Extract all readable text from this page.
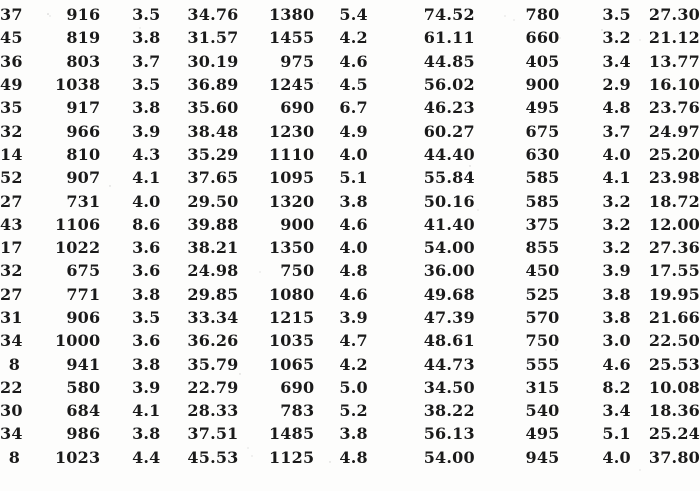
37	916	3.5	34.76	1380	5.4	74.52	780	3.5	27.30
45	819	3.8	31.57	1455	4.2	61.11	660	3.2	21.12
36	803	3.7	30.19	975	4.6	44.85	405	3.4	13.77
49	1038	3.5	36.89	1245	4.5	56.02	900	2.9	16.10
35	917	3.8	35.60	690	6.7	46.23	495	4.8	23.76
32	966	3.9	38.48	1230	4.9	60.27	675	3.7	24.97
14	810	4.3	35.29	1110	4.0	44.40	630	4.0	25.20
52	907	4.1	37.65	1095	5.1	55.84	585	4.1	23.98
27	731	4.0	29.50	1320	3.8	50.16	585	3.2	18.72
43	1106	8.6	39.88	900	4.6	41.40	375	3.2	12.00
17	1022	3.6	38.21	1350	4.0	54.00	855	3.2	27.36
32	675	3.6	24.98	750	4.8	36.00	450	3.9	17.55
27	771	3.8	29.85	1080	4.6	49.68	525	3.8	19.95
31	906	3.5	33.34	1215	3.9	47.39	570	3.8	21.66
34	1000	3.6	36.26	1035	4.7	48.61	750	3.0	22.50
8	941	3.8	35.79	1065	4.2	44.73	555	4.6	25.53
22	580	3.9	22.79	690	5.0	34.50	315	8.2	10.08
30	684	4.1	28.33	783	5.2	38.22	540	3.4	18.36
34	986	3.8	37.51	1485	3.8	56.13	495	5.1	25.24
8	1023	4.4	45.53	1125	4.8	54.00	945	4.0	37.80
